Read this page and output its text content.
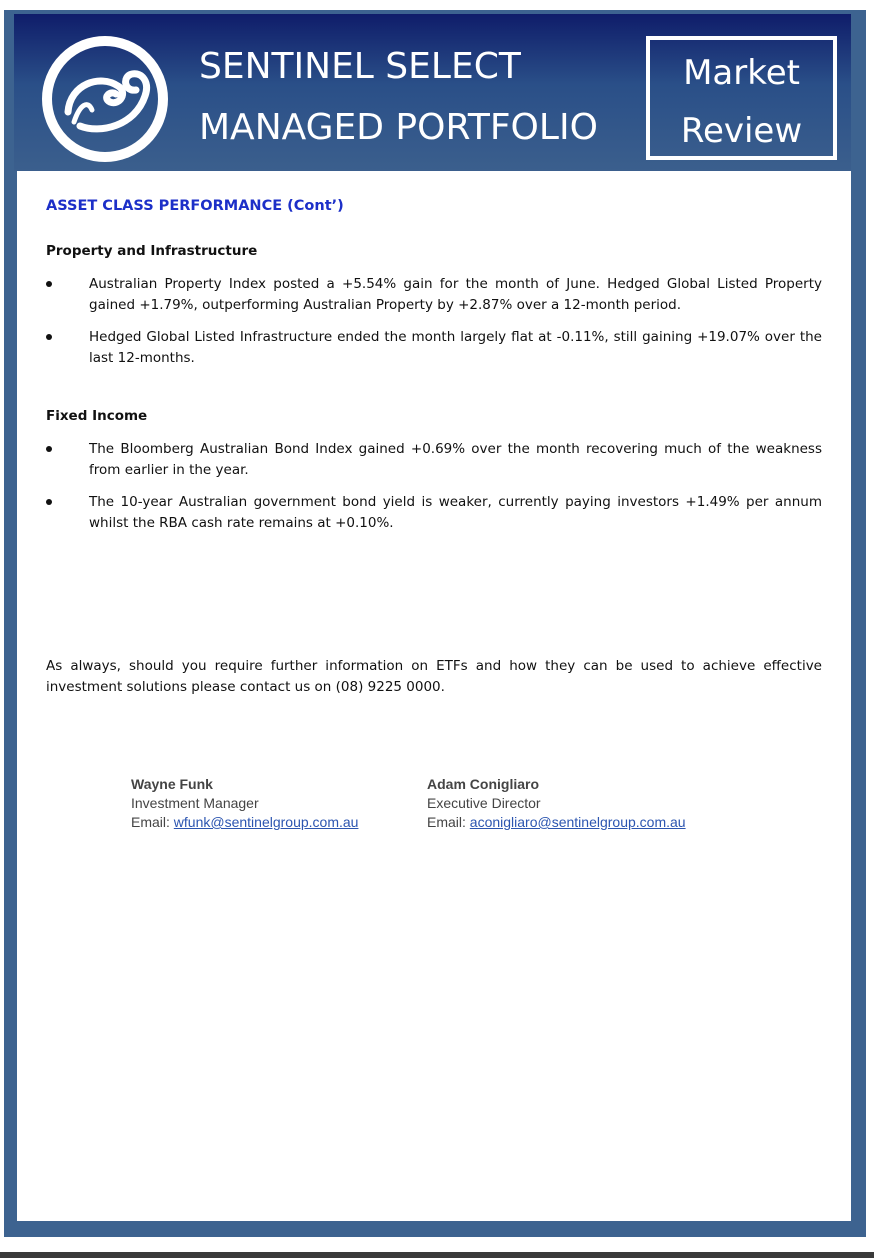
SENTINEL SELECT
MANAGED PORTFOLIO
Market
Review
ASSET CLASS PERFORMANCE (Cont’)
Property and Infrastructure
Australian Property Index posted a +5.54% gain for the month of June. Hedged Global Listed Property gained +1.79%, outperforming Australian Property by +2.87% over a 12-month period.
Hedged Global Listed Infrastructure ended the month largely flat at -0.11%, still gaining +19.07% over the last 12-months.
Fixed Income
The Bloomberg Australian Bond Index gained +0.69% over the month recovering much of the weakness from earlier in the year.
The 10-year Australian government bond yield is weaker, currently paying investors +1.49% per annum whilst the RBA cash rate remains at +0.10%.
As always, should you require further information on ETFs and how they can be used to achieve effective investment solutions please contact us on (08) 9225 0000.
Wayne Funk
Investment Manager
Email: wfunk@sentinelgroup.com.au
Adam Conigliaro
Executive Director
Email: aconigliaro@sentinelgroup.com.au
